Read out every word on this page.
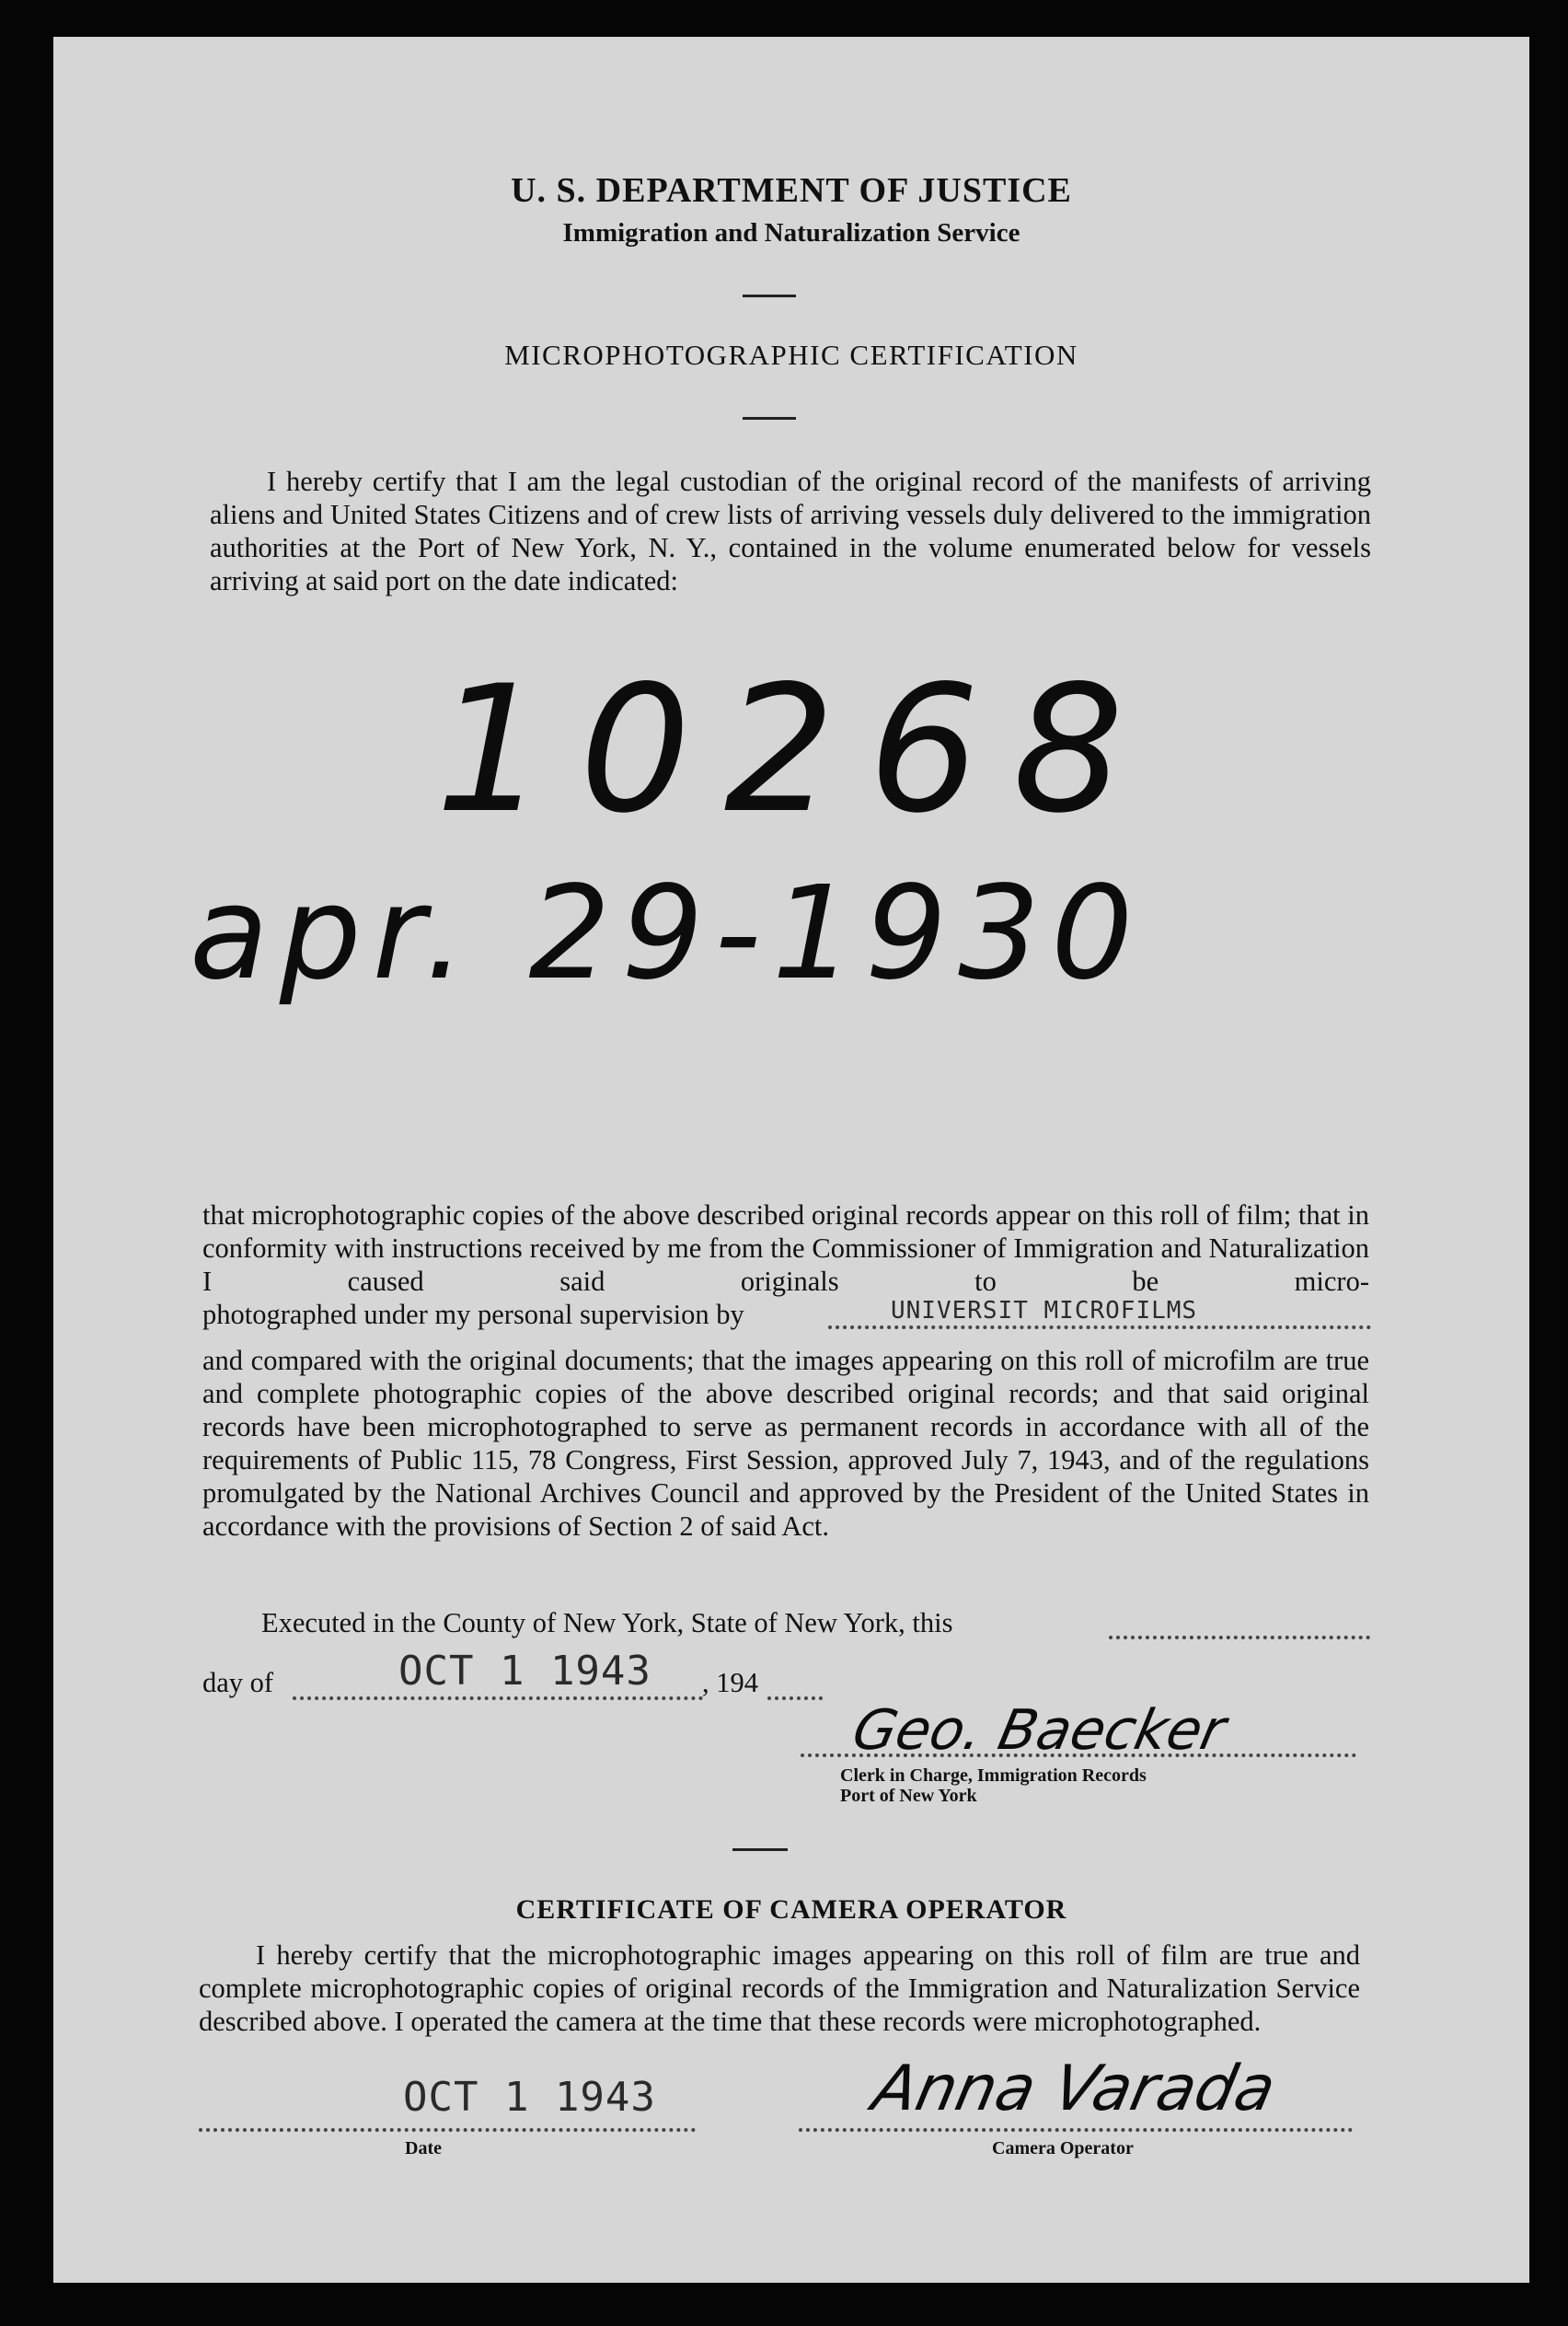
U. S. DEPARTMENT OF JUSTICE
Immigration and Naturalization Service
MICROPHOTOGRAPHIC CERTIFICATION
I hereby certify that I am the legal custodian of the original record of the manifests of arriving aliens and United States Citizens and of crew lists of arriving vessels duly delivered to the immigration authorities at the Port of New York, N. Y., contained in the volume enumerated below for vessels arriving at said port on the date indicated:
10268
apr. 29-1930
that microphotographic copies of the above described original records appear on this roll of film; that in conformity with instructions received by me from the Commissioner of Immigration and Naturalization I caused said originals to be micro-
photographed under my personal supervision by	UNIVERSIT MICROFILMS
and compared with the original documents; that the images appearing on this roll of microfilm are true and complete photographic copies of the above described original records; and that said original records have been microphotographed to serve as permanent records in accordance with all of the requirements of Public 115, 78 Congress, First Session, approved July 7, 1943, and of the regulations promulgated by the National Archives Council and approved by the President of the United States in accordance with the provisions of Section 2 of said Act.
Executed in the County of New York, State of New York, this
day of	OCT 1 1943 , 194
Geo. Baecker
Clerk in Charge, Immigration Records
Port of New York
CERTIFICATE OF CAMERA OPERATOR
I hereby certify that the microphotographic images appearing on this roll of film are true and complete microphotographic copies of original records of the Immigration and Naturalization Service described above. I operated the camera at the time that these records were microphotographed.
OCT 1 1943
Date
Anna Varada
Camera Operator
